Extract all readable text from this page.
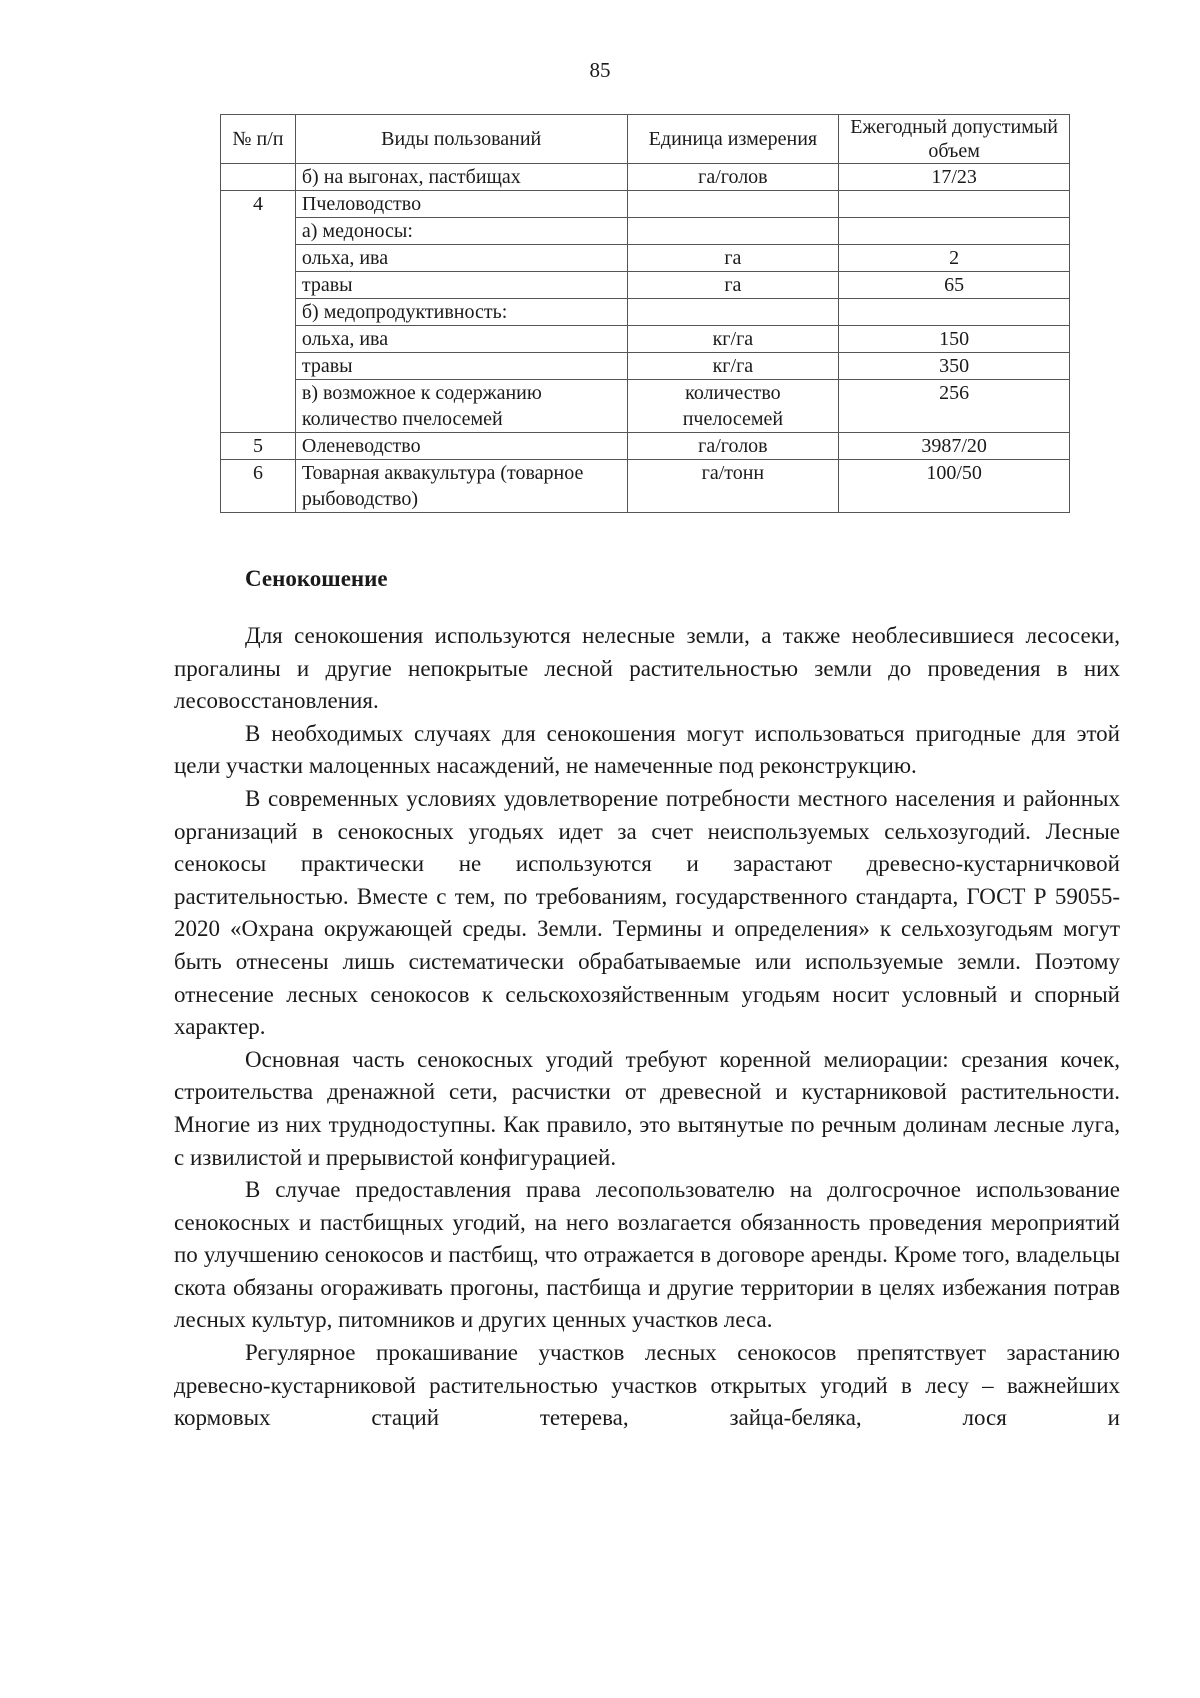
85
№ п/п	Виды пользований	Единица измерения	Ежегодный допустимый объем
	б) на выгонах, пастбищах	га/голов	17/23
4	Пчеловодство		
	а) медоносы:		
	ольха, ива	га	2
	травы	га	65
	б) медопродуктивность:		
	ольха, ива	кг/га	150
	травы	кг/га	350
	в) возможное к содержанию количество пчелосемей	количество пчелосемей	256
5	Оленеводство	га/голов	3987/20
6	Товарная аквакультура (товарное рыбоводство)	га/тонн	100/50
Сенокошение

Для сенокошения используются нелесные земли, а также необлесившиеся лесосеки, прогалины и другие непокрытые лесной растительностью земли до проведения в них лесовосстановления.

В необходимых случаях для сенокошения могут использоваться пригодные для этой цели участки малоценных насаждений, не намеченные под реконструкцию.

В современных условиях удовлетворение потребности местного населения и районных организаций в сенокосных угодьях идет за счет неиспользуемых сельхозугодий. Лесные сенокосы практически не используются и зарастают древесно-кустарничковой растительностью. Вместе с тем, по требованиям, государственного стандарта, ГОСТ Р 59055-2020 «Охрана окружающей среды. Земли. Термины и определения» к сельхозугодьям могут быть отнесены лишь систематически обрабатываемые или используемые земли. Поэтому отнесение лесных сенокосов к сельскохозяйственным угодьям носит условный и спорный характер.

Основная часть сенокосных угодий требуют коренной мелиорации: срезания кочек, строительства дренажной сети, расчистки от древесной и кустарниковой растительности. Многие из них труднодоступны. Как правило, это вытянутые по речным долинам лесные луга, с извилистой и прерывистой конфигурацией.

В случае предоставления права лесопользователю на долгосрочное использование сенокосных и пастбищных угодий, на него возлагается обязанность проведения мероприятий по улучшению сенокосов и пастбищ, что отражается в договоре аренды. Кроме того, владельцы скота обязаны огораживать прогоны, пастбища и другие территории в целях избежания потрав лесных культур, питомников и других ценных участков леса.

Регулярное прокашивание участков лесных сенокосов препятствует зарастанию древесно-кустарниковой растительностью участков открытых угодий в лесу – важнейших кормовых стаций тетерева, зайца-беляка, лося и
